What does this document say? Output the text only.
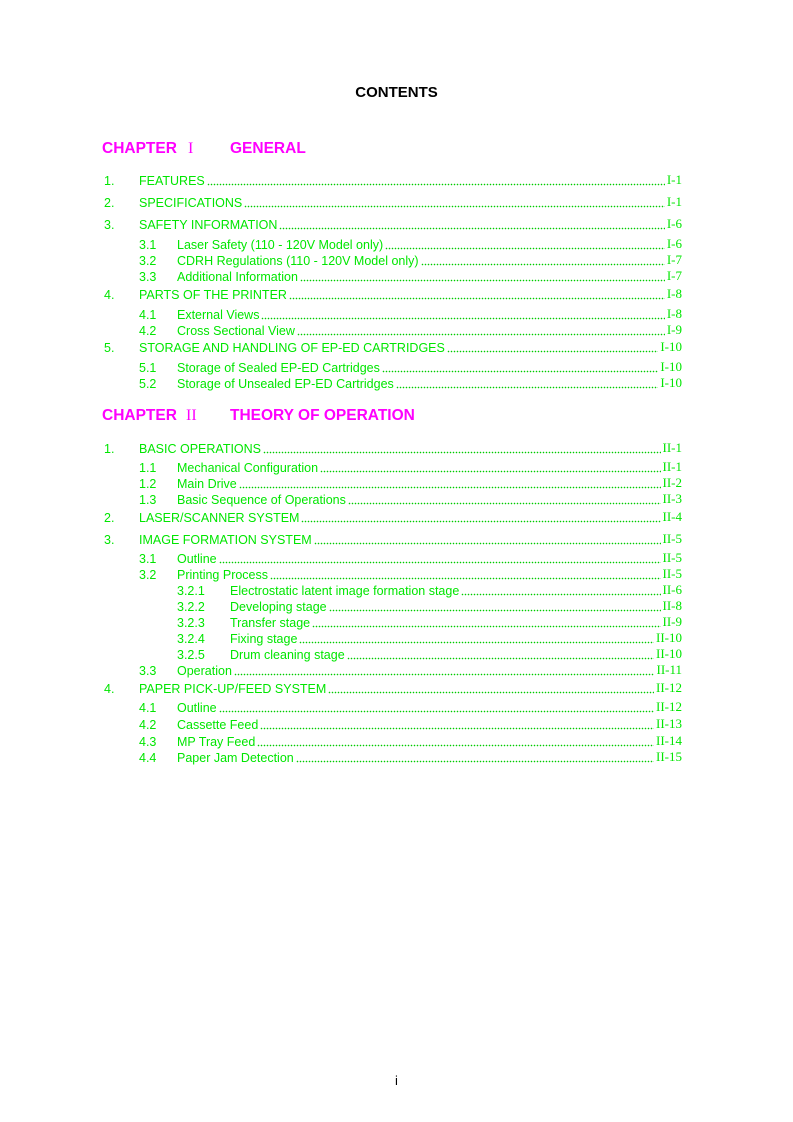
CONTENTS
CHAPTER I GENERAL
1.	FEATURES	I-1
2.	SPECIFICATIONS	I-1
3.	SAFETY INFORMATION	I-6
3.1	Laser Safety (110 - 120V Model only)	I-6
3.2	CDRH Regulations (110 - 120V Model only)	I-7
3.3	Additional Information	I-7
4.	PARTS OF THE PRINTER	I-8
4.1	External Views	I-8
4.2	Cross Sectional View	I-9
5.	STORAGE AND HANDLING OF EP-ED CARTRIDGES	I-10
5.1	Storage of Sealed EP-ED Cartridges	I-10
5.2	Storage of Unsealed EP-ED Cartridges	I-10
CHAPTER II THEORY OF OPERATION
1.	BASIC OPERATIONS	II-1
1.1	Mechanical Configuration	II-1
1.2	Main Drive	II-2
1.3	Basic Sequence of Operations	II-3
2.	LASER/SCANNER SYSTEM	II-4
3.	IMAGE FORMATION SYSTEM	II-5
3.1	Outline	II-5
3.2	Printing Process	II-5
3.2.1	Electrostatic latent image formation stage	II-6
3.2.2	Developing stage	II-8
3.2.3	Transfer stage	II-9
3.2.4	Fixing stage	II-10
3.2.5	Drum cleaning stage	II-10
3.3	Operation	II-11
4.	PAPER PICK-UP/FEED SYSTEM	II-12
4.1	Outline	II-12
4.2	Cassette Feed	II-13
4.3	MP Tray Feed	II-14
4.4	Paper Jam Detection	II-15
i
